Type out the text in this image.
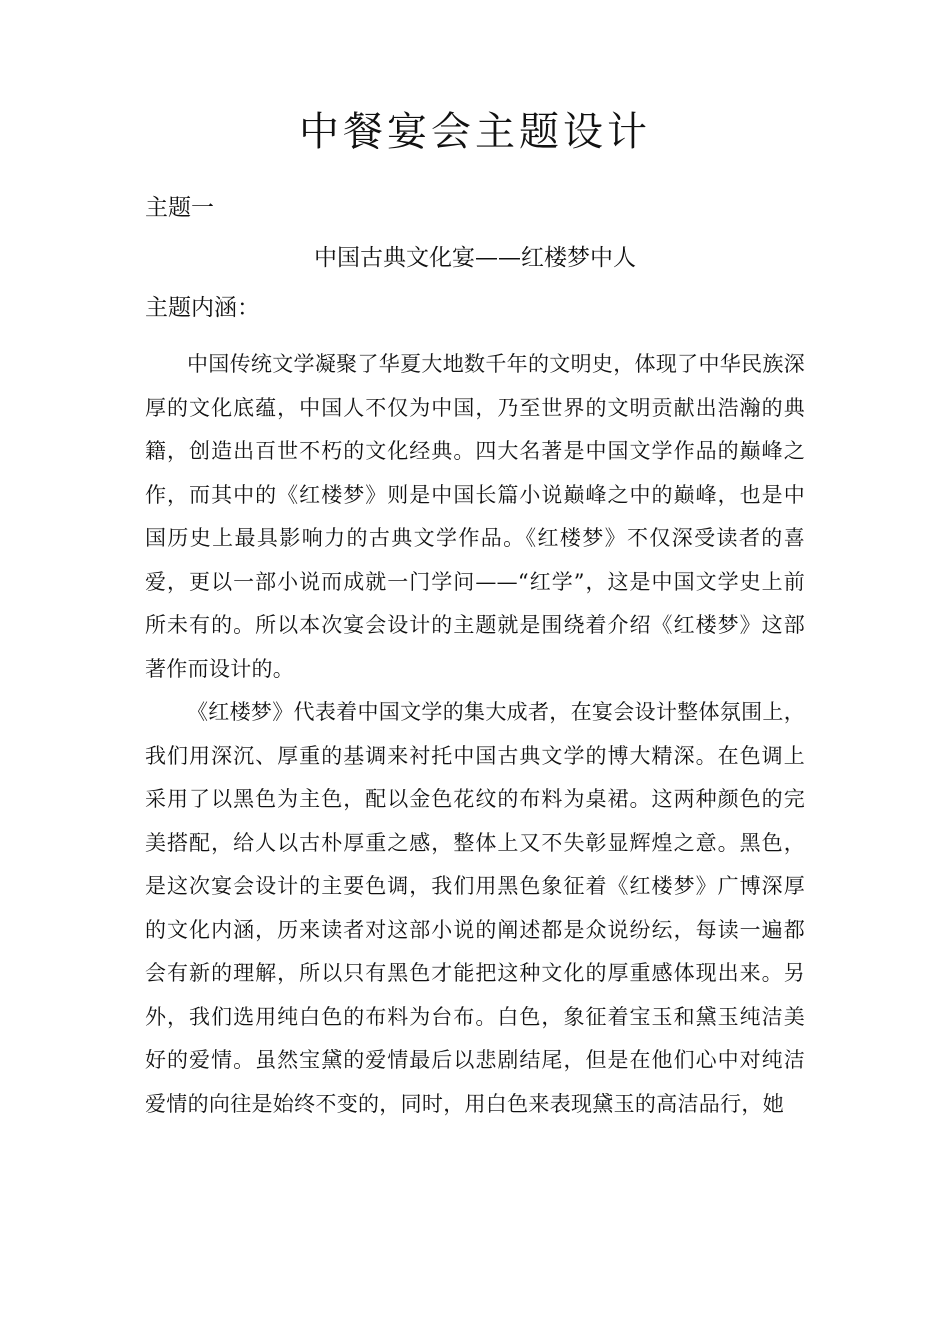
中餐宴会主题设计

主题一

中国古典文化宴——红楼梦中人

主题内涵：

中国传统文学凝聚了华夏大地数千年的文明史，体现了中华民族深厚的文化底蕴，中国人不仅为中国，乃至世界的文明贡献出浩瀚的典籍，创造出百世不朽的文化经典。四大名著是中国文学作品的巅峰之作，而其中的《红楼梦》则是中国长篇小说巅峰之中的巅峰，也是中国历史上最具影响力的古典文学作品。《红楼梦》不仅深受读者的喜爱，更以一部小说而成就一门学问——“红学”，这是中国文学史上前所未有的。所以本次宴会设计的主题就是围绕着介绍《红楼梦》这部著作而设计的。

《红楼梦》代表着中国文学的集大成者，在宴会设计整体氛围上，我们用深沉、厚重的基调来衬托中国古典文学的博大精深。在色调上采用了以黑色为主色，配以金色花纹的布料为桌裙。这两种颜色的完美搭配，给人以古朴厚重之感，整体上又不失彰显辉煌之意。黑色，是这次宴会设计的主要色调，我们用黑色象征着《红楼梦》广博深厚的文化内涵，历来读者对这部小说的阐述都是众说纷纭，每读一遍都会有新的理解，所以只有黑色才能把这种文化的厚重感体现出来。另外，我们选用纯白色的布料为台布。白色，象征着宝玉和黛玉纯洁美好的爱情。虽然宝黛的爱情最后以悲剧结尾，但是在他们心中对纯洁爱情的向往是始终不变的，同时，用白色来表现黛玉的高洁品行，她
